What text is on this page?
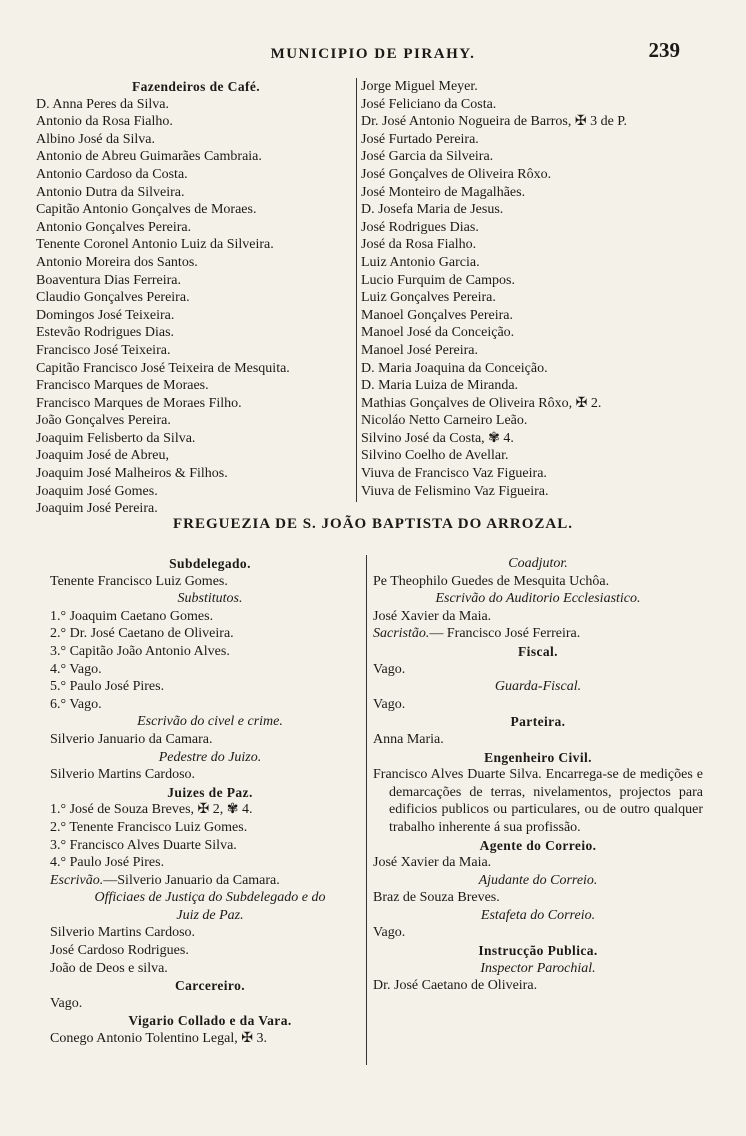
MUNICIPIO DE PIRAHY.	239
Fazendeiros de Café.
D. Anna Peres da Silva.
Antonio da Rosa Fialho.
Albino José da Silva.
Antonio de Abreu Guimarães Cambraia.
Antonio Cardoso da Costa.
Antonio Dutra da Silveira.
Capitão Antonio Gonçalves de Moraes.
Antonio Gonçalves Pereira.
Tenente Coronel Antonio Luiz da Silveira.
Antonio Moreira dos Santos.
Boaventura Dias Ferreira.
Claudio Gonçalves Pereira.
Domingos José Teixeira.
Estevão Rodrigues Dias.
Francisco José Teixeira.
Capitão Francisco José Teixeira de Mesquita.
Francisco Marques de Moraes.
Francisco Marques de Moraes Filho.
João Gonçalves Pereira.
Joaquim Felisberto da Silva.
Joaquim José de Abreu,
Joaquim José Malheiros & Filhos.
Joaquim José Gomes.
Joaquim José Pereira.
Jorge Miguel Meyer.
José Feliciano da Costa.
Dr. José Antonio Nogueira de Barros, ✠ 3 de P.
José Furtado Pereira.
José Garcia da Silveira.
José Gonçalves de Oliveira Rôxo.
José Monteiro de Magalhães.
D. Josefa Maria de Jesus.
José Rodrigues Dias.
José da Rosa Fialho.
Luiz Antonio Garcia.
Lucio Furquim de Campos.
Luiz Gonçalves Pereira.
Manoel Gonçalves Pereira.
Manoel José da Conceição.
Manoel José Pereira.
D. Maria Joaquina da Conceição.
D. Maria Luiza de Miranda.
Mathias Gonçalves de Oliveira Rôxo, ✠ 2.
Nicoláo Netto Carneiro Leão.
Silvino José da Costa, ✾ 4.
Silvino Coelho de Avellar.
Viuva de Francisco Vaz Figueira.
Viuva de Felismino Vaz Figueira.
FREGUEZIA DE S. JOÃO BAPTISTA DO ARROZAL.
Subdelegado.
Tenente Francisco Luiz Gomes.
Substitutos.
1.° Joaquim Caetano Gomes.
2.° Dr. José Caetano de Oliveira.
3.° Capitão João Antonio Alves.
4.° Vago.
5.° Paulo José Pires.
6.° Vago.
Escrivão do civel e crime.
Silverio Januario da Camara.
Pedestre do Juizo.
Silverio Martins Cardoso.
Juizes de Paz.
1.° José de Souza Breves, ✠ 2, ✾ 4.
2.° Tenente Francisco Luiz Gomes.
3.° Francisco Alves Duarte Silva.
4.° Paulo José Pires.
Escrivão.—Silverio Januario da Camara.
Officiaes de Justiça do Subdelegado e do
Juiz de Paz.
Silverio Martins Cardoso.
José Cardoso Rodrigues.
João de Deos e silva.
Carcereiro.
Vago.
Vigario Collado e da Vara.
Conego Antonio Tolentino Legal, ✠ 3.
Coadjutor.
Pe Theophilo Guedes de Mesquita Uchôa.
Escrivão do Auditorio Ecclesiastico.
José Xavier da Maia.
Sacristão.— Francisco José Ferreira.
Fiscal.
Vago.
Guarda-Fiscal.
Vago.
Parteira.
Anna Maria.
Engenheiro Civil.
Francisco Alves Duarte Silva. Encarrega-se de medições e demarcações de terras, nivelamentos, projectos para edificios publicos ou particulares, ou de outro qualquer trabalho inherente á sua profissão.
Agente do Correio.
José Xavier da Maia.
Ajudante do Correio.
Braz de Souza Breves.
Estafeta do Correio.
Vago.
Instrucção Publica.
Inspector Parochial.
Dr. José Caetano de Oliveira.
